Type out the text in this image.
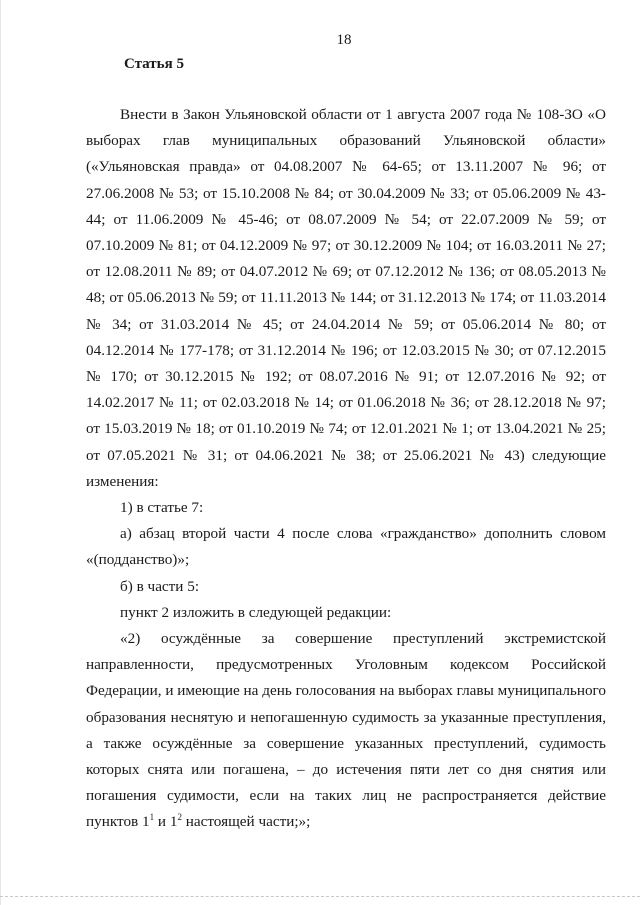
18
Статья 5

Внести в Закон Ульяновской области от 1 августа 2007 года № 108-ЗО «О выборах глав муниципальных образований Ульяновской области» («Ульяновская правда» от 04.08.2007 № 64-65; от 13.11.2007 № 96; от 27.06.2008 № 53; от 15.10.2008 № 84; от 30.04.2009 № 33; от 05.06.2009 № 43-44; от 11.06.2009 № 45-46; от 08.07.2009 № 54; от 22.07.2009 № 59; от 07.10.2009 № 81; от 04.12.2009 № 97; от 30.12.2009 № 104; от 16.03.2011 № 27; от 12.08.2011 № 89; от 04.07.2012 № 69; от 07.12.2012 № 136; от 08.05.2013 № 48; от 05.06.2013 № 59; от 11.11.2013 № 144; от 31.12.2013 № 174; от 11.03.2014 № 34; от 31.03.2014 № 45; от 24.04.2014 № 59; от 05.06.2014 № 80; от 04.12.2014 № 177-178; от 31.12.2014 № 196; от 12.03.2015 № 30; от 07.12.2015 № 170; от 30.12.2015 № 192; от 08.07.2016 № 91; от 12.07.2016 № 92; от 14.02.2017 № 11; от 02.03.2018 № 14; от 01.06.2018 № 36; от 28.12.2018 № 97; от 15.03.2019 № 18; от 01.10.2019 № 74; от 12.01.2021 № 1; от 13.04.2021 № 25; от 07.05.2021 № 31; от 04.06.2021 № 38; от 25.06.2021 № 43) следующие изменения:

1) в статье 7:

а) абзац второй части 4 после слова «гражданство» дополнить словом «(подданство)»;

б) в части 5:

пункт 2 изложить в следующей редакции:

«2) осуждённые за совершение преступлений экстремистской направленности, предусмотренных Уголовным кодексом Российской Федерации, и имеющие на день голосования на выборах главы муниципального образования неснятую и непогашенную судимость за указанные преступления, а также осуждённые за совершение указанных преступлений, судимость которых снята или погашена, – до истечения пяти лет со дня снятия или погашения судимости, если на таких лиц не распространяется действие пунктов $1^1$ и $1^2$ настоящей части;»;
